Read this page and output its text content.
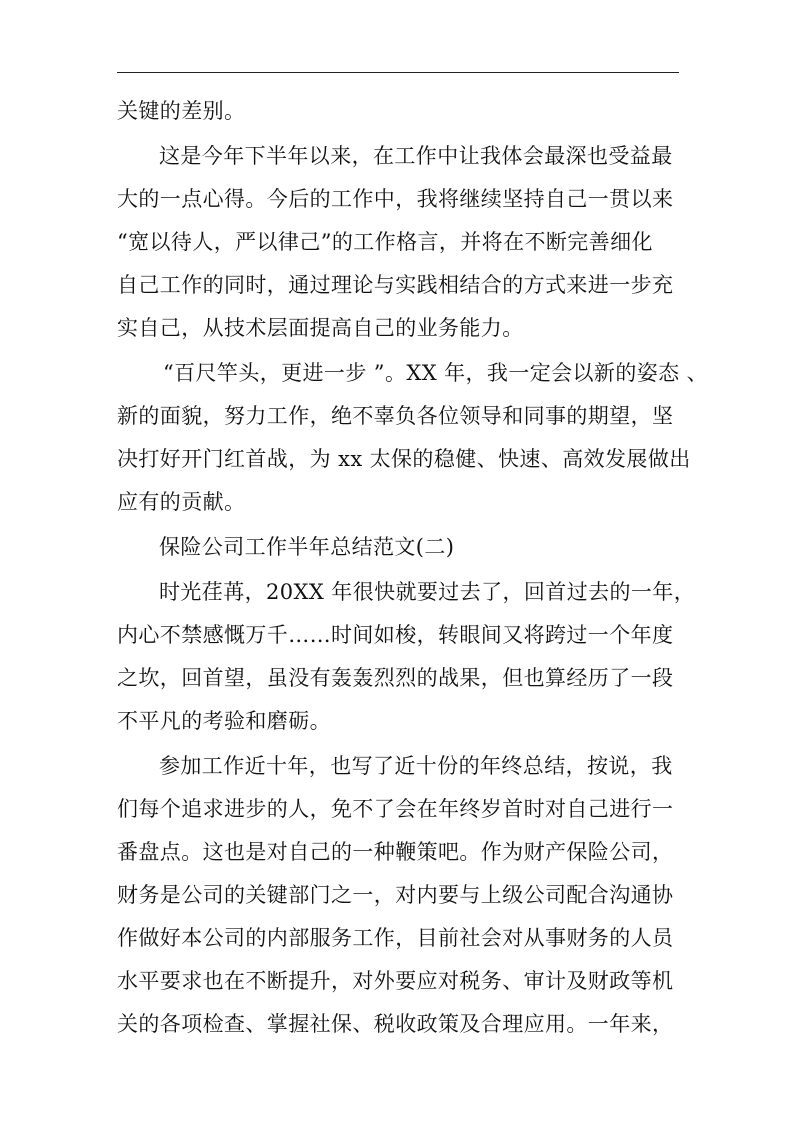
关键的差别。
这是今年下半年以来，在工作中让我体会最深也受益最
大的一点心得。今后的工作中，我将继续坚持自己一贯以来
“宽以待人，严以律己”的工作格言，并将在不断完善细化
自己工作的同时，通过理论与实践相结合的方式来进一步充
实自己，从技术层面提高自己的业务能力。
“百尺竿头，更进一步 ”。XX 年，我一定会以新的姿态 、
新的面貌，努力工作，绝不辜负各位领导和同事的期望，坚
决打好开门红首战，为 xx 太保的稳健、快速、高效发展做出
应有的贡献。
保险公司工作半年总结范文(二)
时光荏苒，20XX 年很快就要过去了，回首过去的一年，
内心不禁感慨万千……时间如梭，转眼间又将跨过一个年度
之坎，回首望，虽没有轰轰烈烈的战果，但也算经历了一段
不平凡的考验和磨砺。
参加工作近十年，也写了近十份的年终总结，按说，我
们每个追求进步的人，免不了会在年终岁首时对自己进行一
番盘点。这也是对自己的一种鞭策吧。作为财产保险公司，
财务是公司的关键部门之一，对内要与上级公司配合沟通协
作做好本公司的内部服务工作，目前社会对从事财务的人员
水平要求也在不断提升，对外要应对税务、审计及财政等机
关的各项检查、掌握社保、税收政策及合理应用。一年来，
